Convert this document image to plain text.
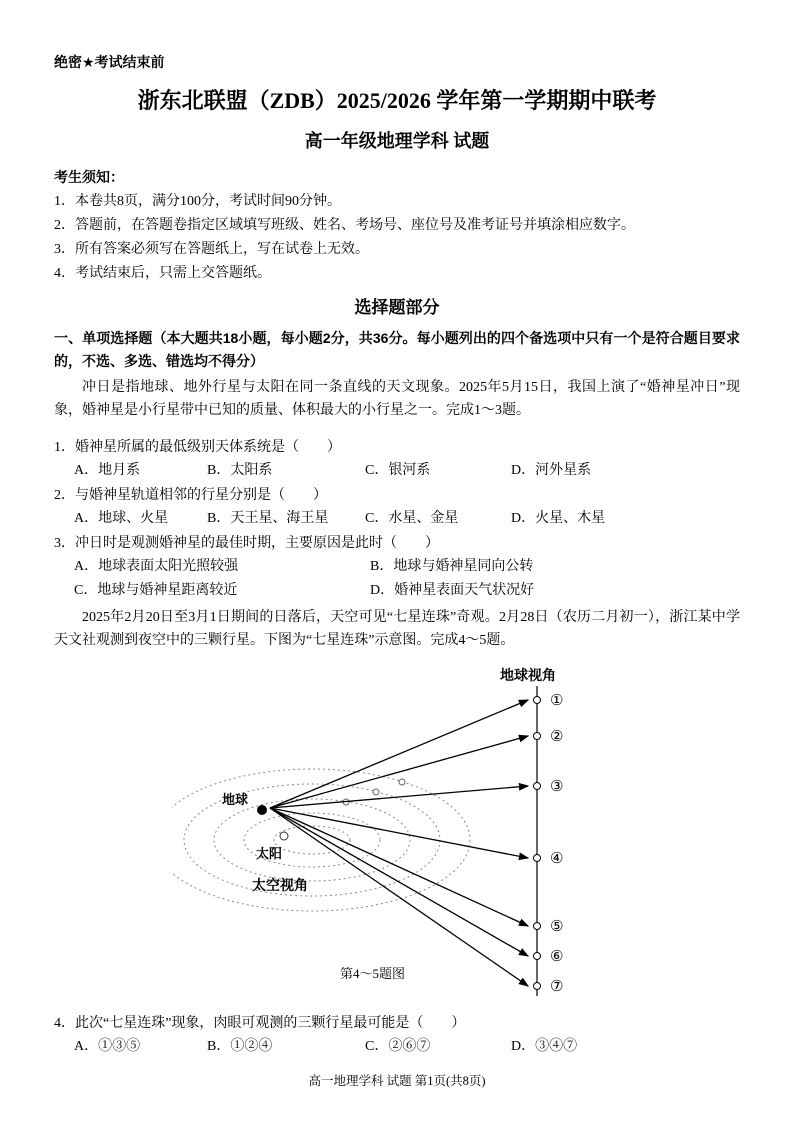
绝密★考试结束前
浙东北联盟（ZDB）2025/2026 学年第一学期期中联考
高一年级地理学科 试题
考生须知：
1．本卷共8页，满分100分，考试时间90分钟。
2．答题前，在答题卷指定区域填写班级、姓名、考场号、座位号及准考证号并填涂相应数字。
3．所有答案必须写在答题纸上，写在试卷上无效。
4．考试结束后，只需上交答题纸。
选择题部分
一、单项选择题（本大题共18小题，每小题2分，共36分。每小题列出的四个备选项中只有一个是符合题目要求的，不选、多选、错选均不得分）

冲日是指地球、地外行星与太阳在同一条直线的天文现象。2025年5月15日，我国上演了“婚神星冲日”现象，婚神星是小行星带中已知的质量、体积最大的小行星之一。完成1～3题。

1．婚神星所属的最低级别天体系统是（　　）
A．地月系	B．太阳系	C．银河系	D．河外星系
2．与婚神星轨道相邻的行星分别是（　　）
A．地球、火星	B．天王星、海王星	C．水星、金星	D．火星、木星
3．冲日时是观测婚神星的最佳时期，主要原因是此时（　　）
A．地球表面太阳光照较强	B．地球与婚神星同向公转
C．地球与婚神星距离较近	D．婚神星表面天气状况好

2025年2月20日至3月1日期间的日落后，天空可见“七星连珠”奇观。2月28日（农历二月初一），浙江某中学天文社观测到夜空中的三颗行星。下图为“七星连珠”示意图。完成4～5题。

太阳
太空视角
地球
地球视角
①
②
③
④
⑤
⑥
⑦
第4～5题图
4．此次“七星连珠”现象，肉眼可观测的三颗行星最可能是（　　）
A．①③⑤	B．①②④	C．②⑥⑦	D．③④⑦
高一地理学科 试题 第1页(共8页)
